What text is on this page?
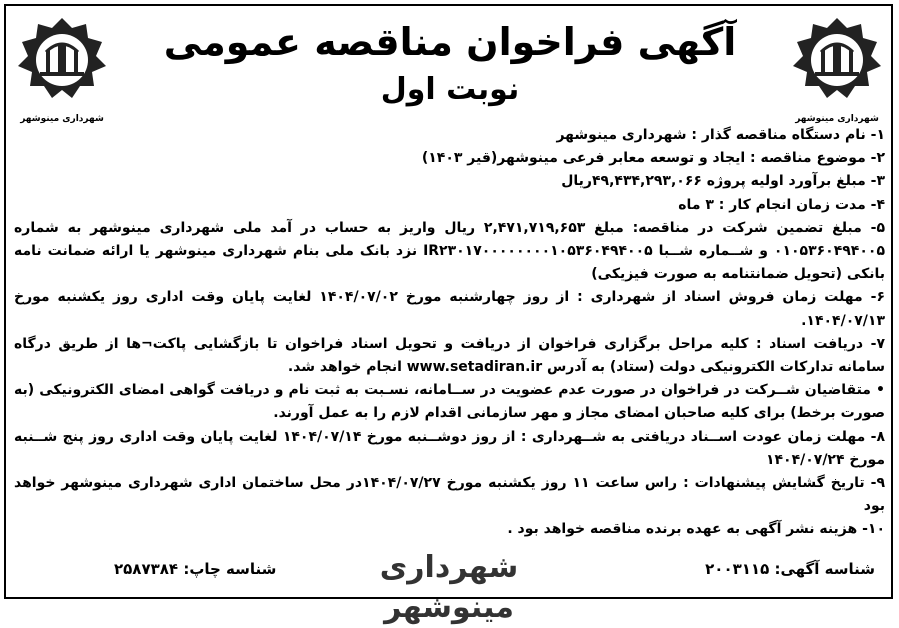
شهرداری مینوشهر
شهرداری مینوشهر
آگهی فراخوان مناقصه عمومی
نوبت اول

۱- نام دستگاه مناقصه گذار : شهرداری مینوشهر

۲- موضوع مناقصه : ایجاد و توسعه معابر فرعی مینوشهر(قیر ۱۴۰۳)

۳- مبلغ برآورد اولیه پروژه ۴۹,۴۳۴,۲۹۳,۰۶۶ریال

۴- مدت زمان انجام کار : ۳ ماه

۵- مبلغ تضمین شرکت در مناقصه: مبلغ ۲,۴۷۱,۷۱۹,۶۵۳ ریال واریز به حساب در آمد ملی شهرداری مینوشهر به شماره ۰۱۰۵۳۶۰۴۹۴۰۰۵ و شــماره شــبا IR۲۳۰۱۷۰۰۰۰۰۰۰۰۱۰۵۳۶۰۴۹۴۰۰۵ نزد بانک ملی بنام شهرداری مینوشهر یا ارائه ضمانت نامه بانکی (تحویل ضمانتنامه به صورت فیزیکی)

۶- مهلت زمان فروش اسناد از شهرداری : از روز چهارشنبه مورخ ۱۴۰۴/۰۷/۰۲ لغایت پایان وقت اداری روز یکشنبه مورخ ۱۴۰۴/۰۷/۱۳.

۷- دریافت اسناد : کلیه مراحل برگزاری فراخوان از دریافت و تحویل اسناد فراخوان تا بازگشایی پاکت¬ها از طریق درگاه سامانه تدارکات الکترونیکی دولت (ستاد) به آدرس www.setadiran.ir انجام خواهد شد.

• متقاضیان شــرکت در فراخوان در صورت عدم عضویت در ســامانه، نسـبت به ثبت نام و دریافت گواهی امضای الکترونیکی (به صورت برخط) برای کلیه صاحبان امضای مجاز و مهر سازمانی اقدام لازم را به عمل آورند.

۸- مهلت زمان عودت اســناد دریافتی به شــهرداری : از روز دوشــنبه مورخ ۱۴۰۴/۰۷/۱۴ لغایت پایان وقت اداری روز پنج شــنبه مورخ ۱۴۰۴/۰۷/۲۴

۹- تاریخ گشایش پیشنهادات : راس ساعت ۱۱ روز یکشنبه مورخ ۱۴۰۴/۰۷/۲۷در محل ساختمان اداری شهرداری مینوشهر خواهد بود

۱۰- هزینه نشر آگهی به عهده برنده مناقصه خواهد بود .

شناسه آگهی: ۲۰۰۳۱۱۵
شهرداری مینوشهر
شناسه چاپ: ۲۵۸۷۳۸۴
